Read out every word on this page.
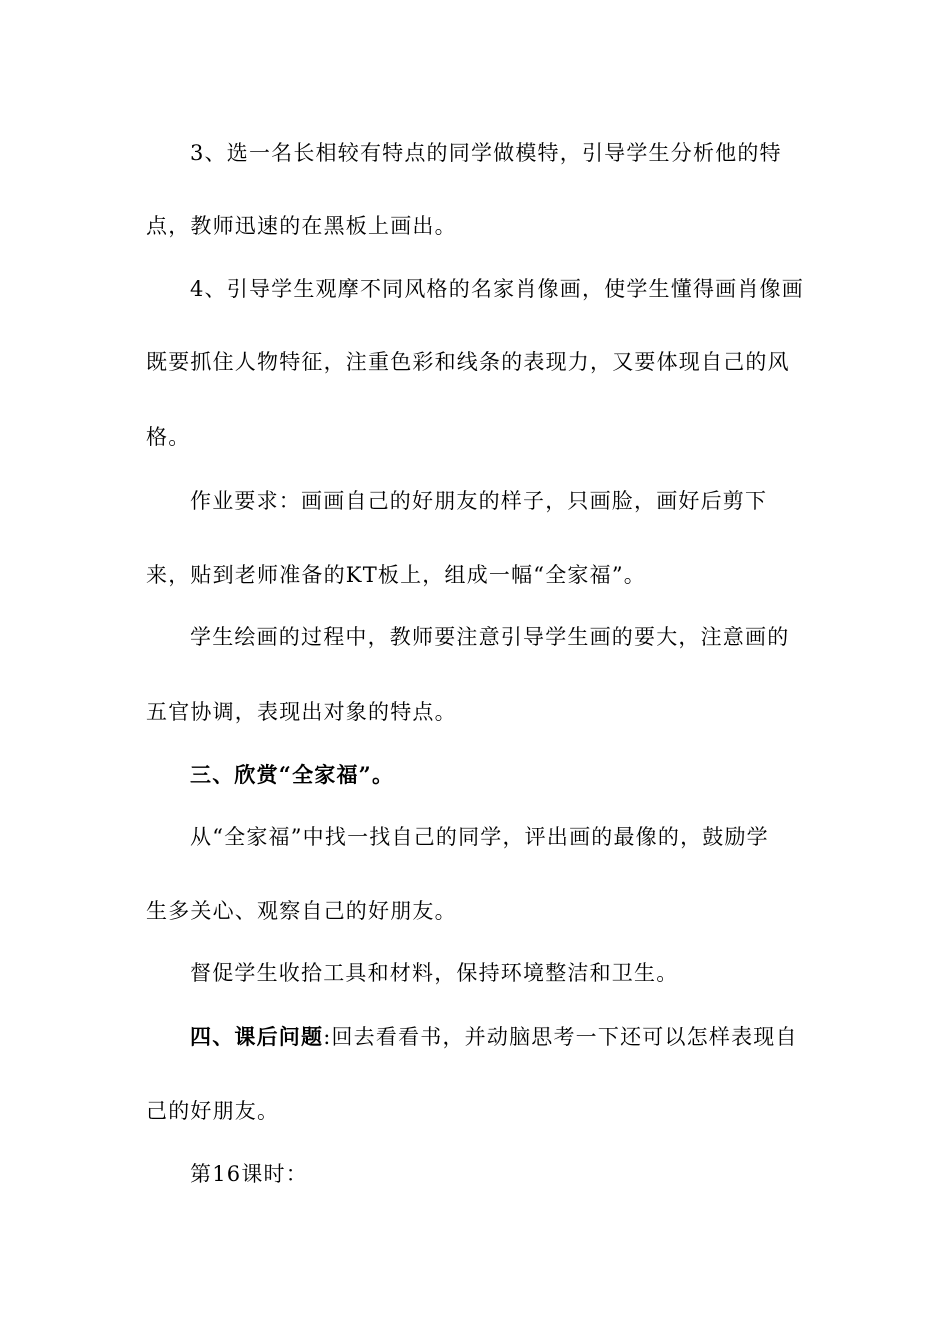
3、选一名长相较有特点的同学做模特，引导学生分析他的特
点，教师迅速的在黑板上画出。
4、引导学生观摩不同风格的名家肖像画，使学生懂得画肖像画
既要抓住人物特征，注重色彩和线条的表现力，又要体现自己的风
格。
作业要求：画画自己的好朋友的样子，只画脸，画好后剪下
来，贴到老师准备的KT板上，组成一幅“全家福”。
学生绘画的过程中，教师要注意引导学生画的要大，注意画的
五官协调，表现出对象的特点。
三、欣赏“全家福”。
从“全家福”中找一找自己的同学，评出画的最像的，鼓励学
生多关心、观察自己的好朋友。
督促学生收拾工具和材料，保持环境整洁和卫生。
四、课后问题:回去看看书，并动脑思考一下还可以怎样表现自
己的好朋友。
第16课时：
